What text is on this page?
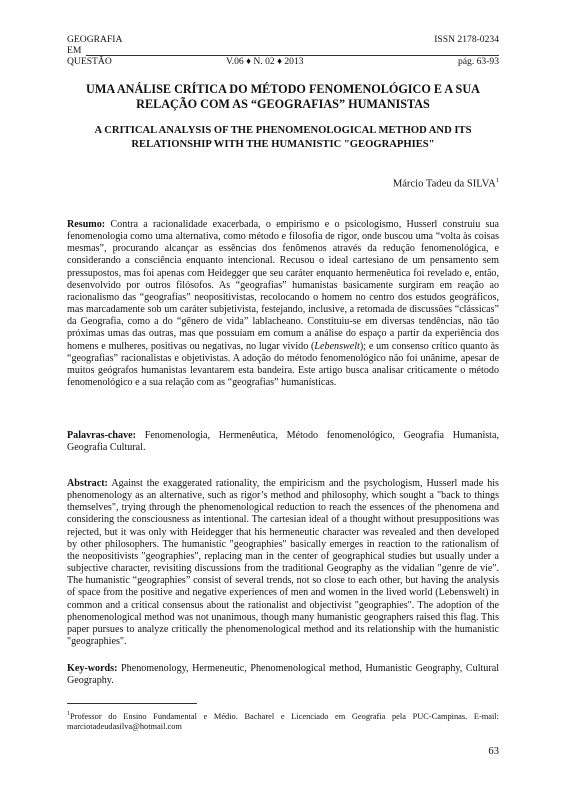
GEOGRAFIA	ISSN 2178-0234
EM
QUESTÃO	V.06 ♦ N. 02 ♦ 2013	pág. 63-93
UMA ANÁLISE CRÍTICA DO MÉTODO FENOMENOLÓGICO E A SUA RELAÇÃO COM AS “GEOGRAFIAS” HUMANISTAS
A CRITICAL ANALYSIS OF THE PHENOMENOLOGICAL METHOD AND ITS RELATIONSHIP WITH THE HUMANISTIC "GEOGRAPHIES"
Márcio Tadeu da SILVA$^1$
Resumo: Contra a racionalidade exacerbada, o empirismo e o psicologismo, Husserl construiu sua fenomenologia como uma alternativa, como método e filosofia de rigor, onde buscou uma “volta às coisas mesmas”, procurando alcançar as essências dos fenômenos através da redução fenomenológica, e considerando a consciência enquanto intencional. Recusou o ideal cartesiano de um pensamento sem pressupostos, mas foi apenas com Heidegger que seu caráter enquanto hermenêutica foi revelado e, então, desenvolvido por outros filósofos. As “geografias” humanistas basicamente surgiram em reação ao racionalismo das “geografias” neopositivistas, recolocando o homem no centro dos estudos geográficos, mas marcadamente sob um caráter subjetivista, festejando, inclusive, a retomada de discussões “clássicas” da Geografia, como a do “gênero de vida” lablacheano. Constituiu-se em diversas tendências, não tão próximas umas das outras, mas que possuíam em comum a análise do espaço a partir da experiência dos homens e mulheres, positivas ou negativas, no lugar vivido (Lebenswelt); e um consenso crítico quanto às “geografias” racionalistas e objetivistas. A adoção do método fenomenológico não foi unânime, apesar de muitos geógrafos humanistas levantarem esta bandeira. Este artigo busca analisar criticamente o método fenomenológico e a sua relação com as “geografias” humanísticas.
Palavras-chave: Fenomenologia, Hermenêutica, Método fenomenológico, Geografia Humanista, Geografia Cultural.
Abstract: Against the exaggerated rationality, the empiricism and the psychologism, Husserl made his phenomenology as an alternative, such as rigor’s method and philosophy, which sought a "back to things themselves", trying through the phenomenological reduction to reach the essences of the phenomena and considering the consciousness as intentional. The cartesian ideal of a thought without presuppositions was rejected, but it was only with Heidegger that his hermeneutic character was revealed and then developed by other philosophers. The humanistic "geographies" basically emerges in reaction to the rationalism of the neopositivists "geographies", replacing man in the center of geographical studies but usually under a subjective character, revisiting discussions from the traditional Geography as the vidalian "genre de vie". The humanistic “geographies” consist of several trends, not so close to each other, but having the analysis of space from the positive and negative experiences of men and women in the lived world (Lebenswelt) in common and a critical consensus about the rationalist and objectivist "geographies". The adoption of the phenomenological method was not unanimous, though many humanistic geographers raised this flag. This paper pursues to analyze critically the phenomenological method and its relationship with the humanistic "geographies".
Key-words: Phenomenology, Hermeneutic, Phenomenological method, Humanistic Geography, Cultural Geography.
$^1$Professor do Ensino Fundamental e Médio. Bacharel e Licenciado em Geografia pela PUC-Campinas. E-mail: marciotadeudasilva@hotmail.com
63
